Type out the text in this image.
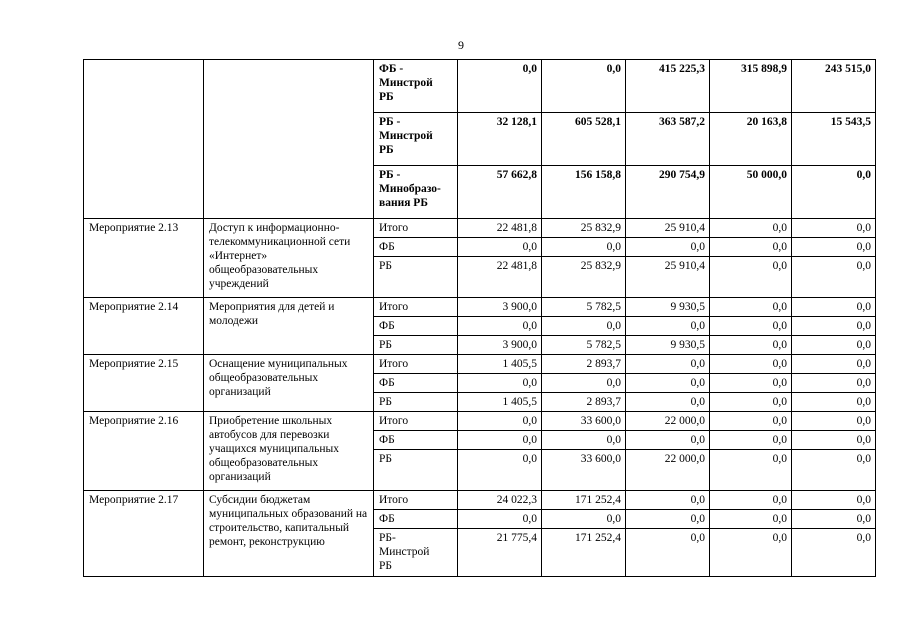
9
		ФБ -
Минстрой
РБ	0,0	0,0	415 225,3	315 898,9	243 515,0
		РБ -
Минстрой
РБ	32 128,1	605 528,1	363 587,2	20 163,8	15 543,5
		РБ -
Минобразо-
вания РБ	57 662,8	156 158,8	290 754,9	50 000,0	0,0
Мероприятие 2.13	Доступ к информационно-телекоммуникационной сети «Интернет» общеобразовательных учреждений	Итого	22 481,8	25 832,9	25 910,4	0,0	0,0
		ФБ	0,0	0,0	0,0	0,0	0,0
		РБ	22 481,8	25 832,9	25 910,4	0,0	0,0
Мероприятие 2.14	Мероприятия для детей и молодежи	Итого	3 900,0	5 782,5	9 930,5	0,0	0,0
		ФБ	0,0	0,0	0,0	0,0	0,0
		РБ	3 900,0	5 782,5	9 930,5	0,0	0,0
Мероприятие 2.15	Оснащение муниципальных общеобразовательных организаций	Итого	1 405,5	2 893,7	0,0	0,0	0,0
		ФБ	0,0	0,0	0,0	0,0	0,0
		РБ	1 405,5	2 893,7	0,0	0,0	0,0
Мероприятие 2.16	Приобретение школьных автобусов для перевозки учащихся муниципальных общеобразовательных организаций	Итого	0,0	33 600,0	22 000,0	0,0	0,0
		ФБ	0,0	0,0	0,0	0,0	0,0
		РБ	0,0	33 600,0	22 000,0	0,0	0,0
Мероприятие 2.17	Субсидии бюджетам муниципальных образований на строительство, капитальный ремонт, реконструкцию	Итого	24 022,3	171 252,4	0,0	0,0	0,0
		ФБ	0,0	0,0	0,0	0,0	0,0
		РБ-
Минстрой
РБ	21 775,4	171 252,4	0,0	0,0	0,0
